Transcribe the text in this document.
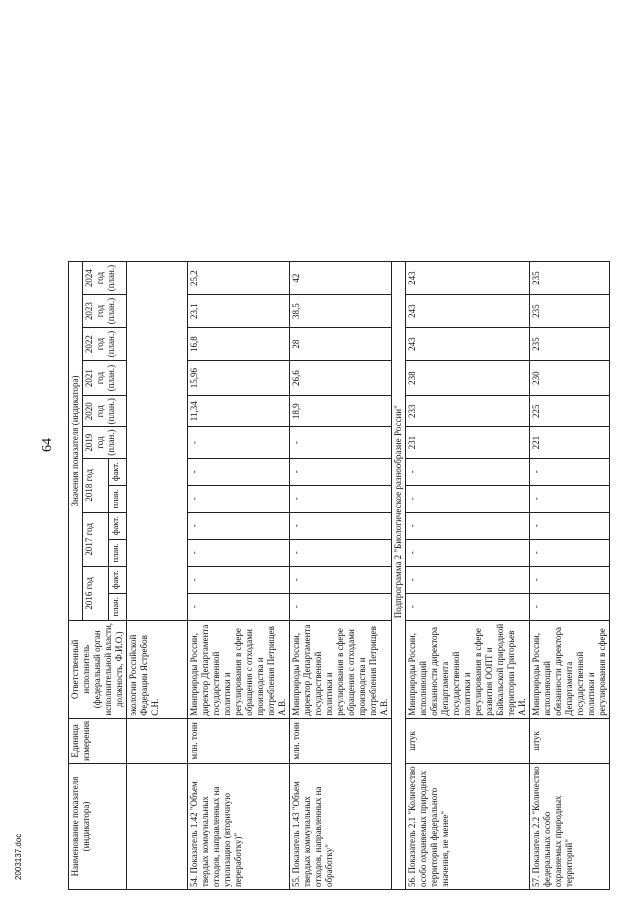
64
2003137.doc	Наименование показателя (индикатора)	Единица измерения	Ответственный исполнитель (федеральный орган исполнительной власти, должность, Ф.И.О.)	Значения показателя (индикатора)											
			2016 год		2017 год		2018 год		2019 год (план.)	2020 год (план.)	2021 год (план.)	2022 год (план.)	2023 год (план.)	2024 год (план.)
			план.	факт.	план.	факт.	план.	факт.						
		экологии Российской Федерации Ястребов С.Н.												
54. Показатель 1.42 "Объем твердых коммунальных отходов, направленных на утилизацию (вторичную переработку)"	млн. тонн	Минприроды России, директор Департамента государственной политики и регулирования в сфере обращения с отходами производства и потребления Петрищев А.В.	-	-	-	-	-	-	-	11,34	15,96	16,8	23,1	25,2
55. Показатель 1.43 "Объем твердых коммунальных отходов, направленных на обработку"	млн. тонн	Минприроды России, директор Департамента государственной политики и регулирования в сфере обращения с отходами производства и потребления Петрищев А.В.	-	-	-	-	-	-	-	18,9	26,6	28	38,5	42
			Подпрограмма 2 "Биологическое разнообразие России"											
56. Показатель 2.1 "Количество особо охраняемых природных территорий федерального значения, не менее"	штук	Минприроды России, исполняющий обязанности директора Департамента государственной политики и регулирования в сфере развития ООПТ и Байкальской природной территории Григорьев А.И.	-	-	-	-	-	-	231	233	238	243	243	243
57. Показатель 2.2 "Количество федеральных особо охраняемых природных территорий"	штук	Минприроды России, исполняющий обязанности директора Департамента государственной политики и регулирования в сфере	-	-	-	-	-	-	221	225	230	235	235	235
